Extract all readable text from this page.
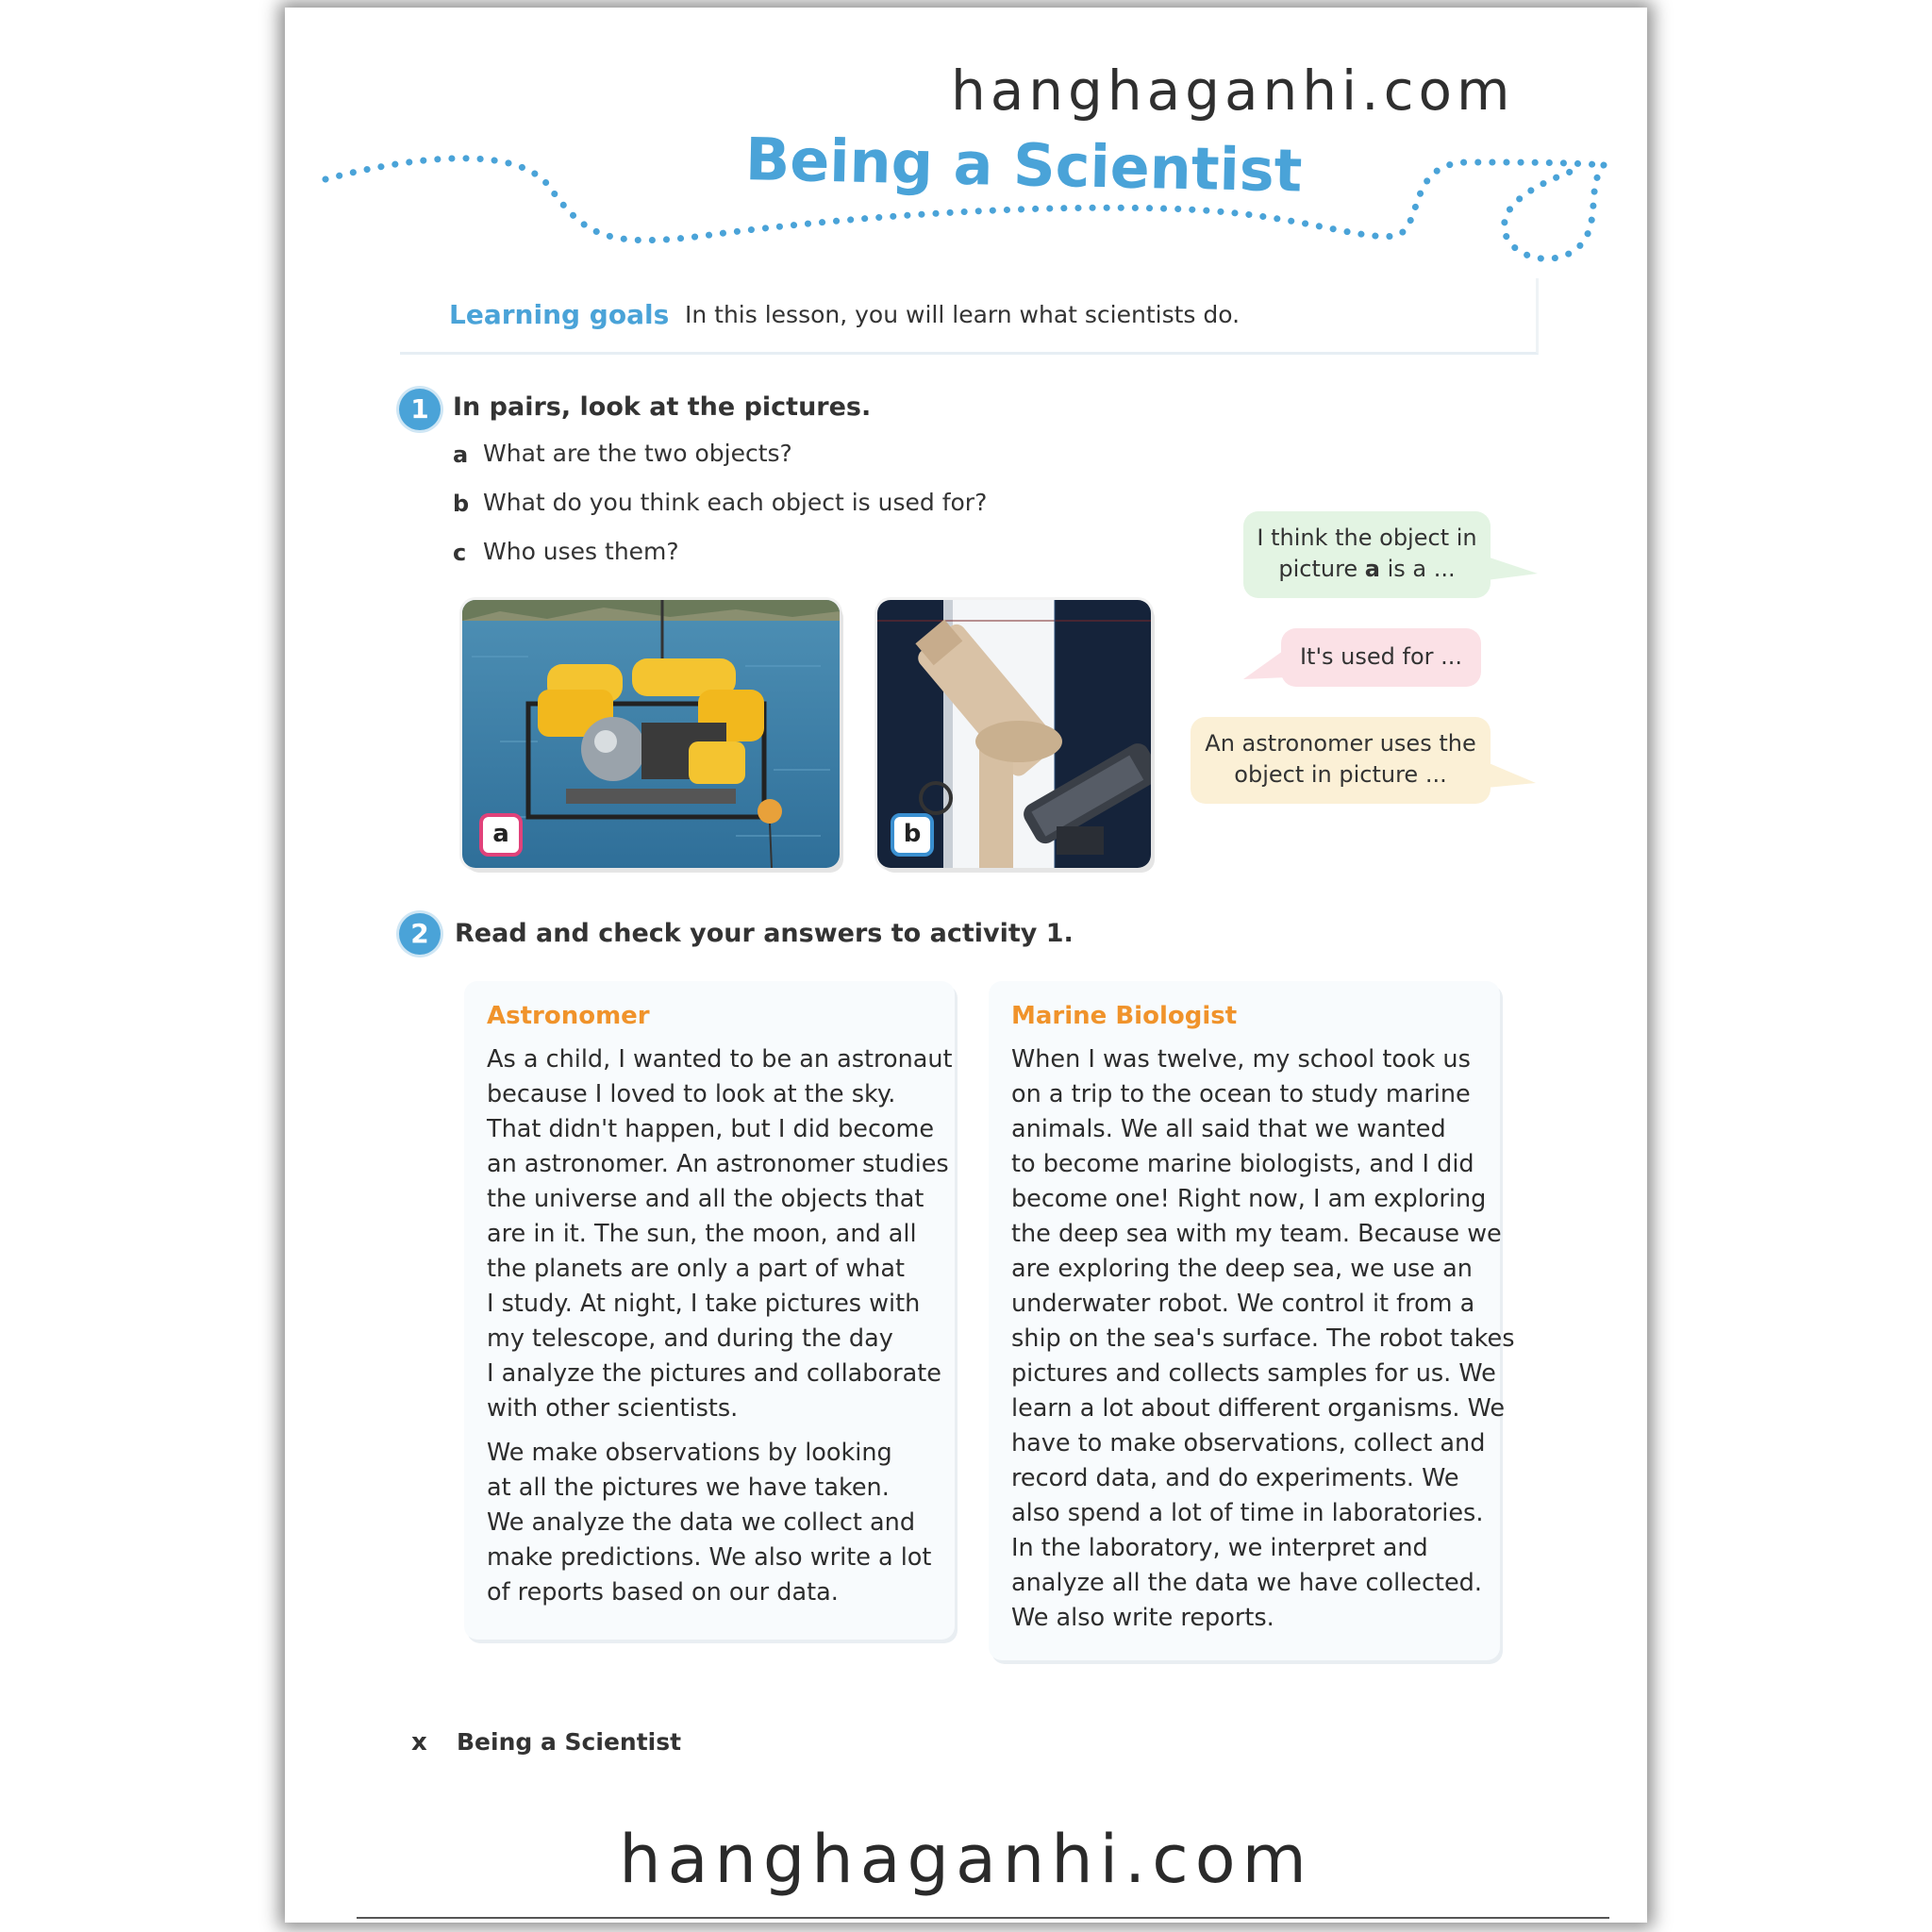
hanghaganhi.com
Being a Scientist
Learning goals In this lesson, you will learn what scientists do.
1 In pairs, look at the pictures.
a What are the two objects?
b What do you think each object is used for?
c Who uses them?
a	b
I think the object in
picture a is a ...
It's used for ...
An astronomer uses the
object in picture ...
2	Read and check your answers to activity 1.
Astronomer
As a child, I wanted to be an astronaut
because I loved to look at the sky.
That didn't happen, but I did become
an astronomer. An astronomer studies
the universe and all the objects that
are in it. The sun, the moon, and all
the planets are only a part of what
I study. At night, I take pictures with
my telescope, and during the day
I analyze the pictures and collaborate
with other scientists.
We make observations by looking
at all the pictures we have taken.
We analyze the data we collect and
make predictions. We also write a lot
of reports based on our data.
Marine Biologist
When I was twelve, my school took us
on a trip to the ocean to study marine
animals. We all said that we wanted
to become marine biologists, and I did
become one! Right now, I am exploring
the deep sea with my team. Because we
are exploring the deep sea, we use an
underwater robot. We control it from a
ship on the sea's surface. The robot takes
pictures and collects samples for us. We
learn a lot about different organisms. We
have to make observations, collect and
record data, and do experiments. We
also spend a lot of time in laboratories.
In the laboratory, we interpret and
analyze all the data we have collected.
We also write reports.
x Being a Scientist
hanghaganhi.com
